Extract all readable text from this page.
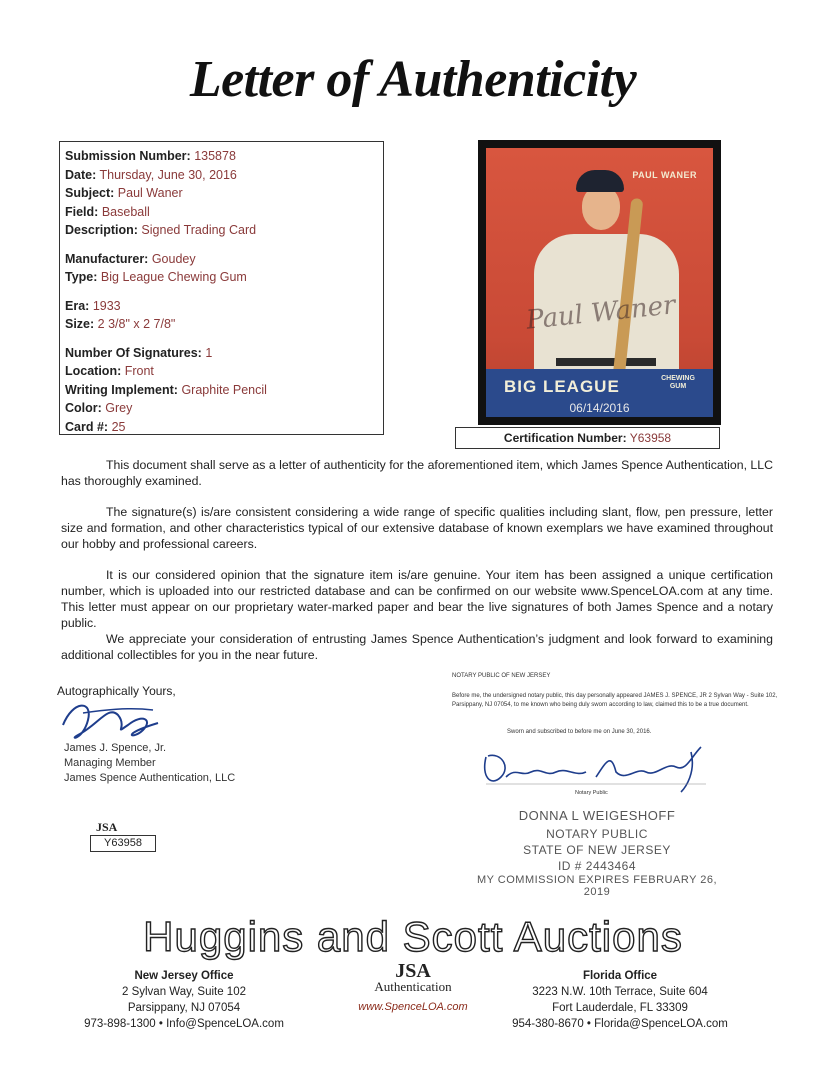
Letter of Authenticity
Submission Number: 135878
Date: Thursday, June 30, 2016
Subject: Paul Waner
Field: Baseball
Description: Signed Trading Card
Manufacturer: Goudey
Type: Big League Chewing Gum
Era: 1933
Size: 2 3/8" x 2 7/8"
Number Of Signatures: 1
Location: Front
Writing Implement: Graphite Pencil
Color: Grey
Card #: 25
PAUL WANER
Paul Waner
BIG LEAGUE	CHEWING GUM
06/14/2016
Certification Number: Y63958
This document shall serve as a letter of authenticity for the aforementioned item, which James Spence Authentication, LLC has thoroughly examined.
The signature(s) is/are consistent considering a wide range of specific qualities including slant, flow, pen pressure, letter size and formation, and other characteristics typical of our extensive database of known exemplars we have examined throughout our hobby and professional careers.
It is our considered opinion that the signature item is/are genuine. Your item has been assigned a unique certification number, which is uploaded into our restricted database and can be confirmed on our website www.SpenceLOA.com at any time. This letter must appear on our proprietary water-marked paper and bear the live signatures of both James Spence and a notary public.
We appreciate your consideration of entrusting James Spence Authentication’s judgment and look forward to examining additional collectibles for you in the near future.
Autographically Yours,
James J. Spence, Jr.
Managing Member
James Spence Authentication, LLC
JSA
Y63958
NOTARY PUBLIC OF NEW JERSEY
Before me, the undersigned notary public, this day personally appeared JAMES J. SPENCE, JR 2 Sylvan Way - Suite 102, Parsippany, NJ 07054, to me known who being duly sworn according to law, claimed this to be a true document.
Sworn and subscribed to before me on June 30, 2016.
Notary Public
DONNA L WEIGESHOFF
NOTARY PUBLIC
STATE OF NEW JERSEY
ID # 2443464
MY COMMISSION EXPIRES FEBRUARY 26, 2019
Huggins and Scott Auctions
New Jersey Office
2 Sylvan Way, Suite 102
Parsippany, NJ 07054
973-898-1300 • Info@SpenceLOA.com
JSA
Authentication
www.SpenceLOA.com
Florida Office
3223 N.W. 10th Terrace, Suite 604
Fort Lauderdale, FL 33309
954-380-8670 • Florida@SpenceLOA.com
